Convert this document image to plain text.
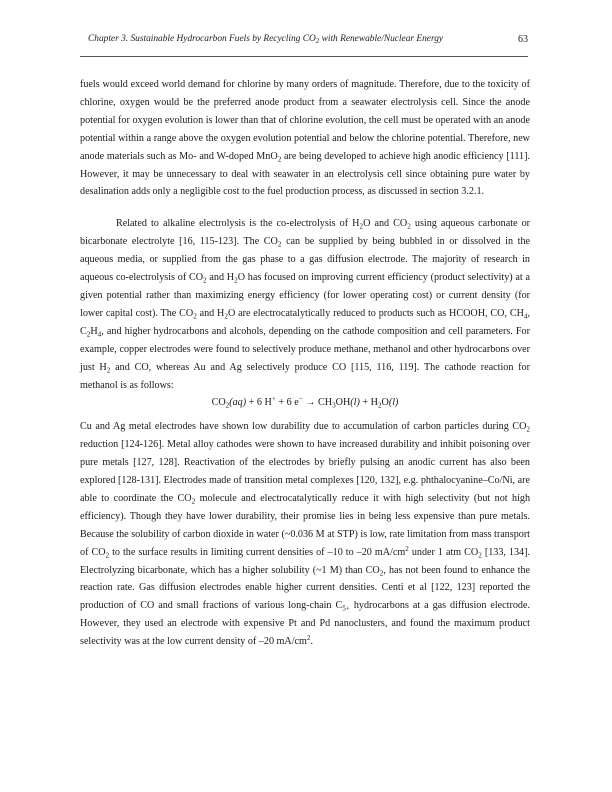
Chapter 3. Sustainable Hydrocarbon Fuels by Recycling $CO_2$ with Renewable/Nuclear Energy	63

fuels would exceed world demand for chlorine by many orders of magnitude. Therefore, due to the toxicity of chlorine, oxygen would be the preferred anode product from a seawater electrolysis cell. Since the anode potential for oxygen evolution is lower than that of chlorine evolution, the cell must be operated with an anode potential within a range above the oxygen evolution potential and below the chlorine potential. Therefore, new anode materials such as Mo- and W-doped MnO$_2$ are being developed to achieve high anodic efficiency [111]. However, it may be unnecessary to deal with seawater in an electrolysis cell since obtaining pure water by desalination adds only a negligible cost to the fuel production process, as discussed in section 3.2.1.

Related to alkaline electrolysis is the co-electrolysis of $H_2O$ and $CO_2$ using aqueous carbonate or bicarbonate electrolyte [16, 115-123]. The $CO_2$ can be supplied by being bubbled in or dissolved in the aqueous media, or supplied from the gas phase to a gas diffusion electrode. The majority of research in aqueous co-electrolysis of $CO_2$ and $H_2O$ has focused on improving current efficiency (product selectivity) at a given potential rather than maximizing energy efficiency (for lower operating cost) or current density (for lower capital cost). The $CO_2$ and $H_2O$ are electrocatalytically reduced to products such as HCOOH, CO, $CH_4$, $C_2H_4$, and higher hydrocarbons and alcohols, depending on the cathode composition and cell parameters. For example, copper electrodes were found to selectively produce methane, methanol and other hydrocarbons over just $H_2$ and CO, whereas Au and Ag selectively produce CO [115, 116, 119]. The cathode reaction for methanol is as follows:

$CO_2(aq) + 6$ H+ + 6 $e^- \to CH_3OH(l) + H_2O(l)$

Cu and Ag metal electrodes have shown low durability due to accumulation of carbon particles during $CO_2$ reduction [124-126]. Metal alloy cathodes were shown to have increased durability and inhibit poisoning over pure metals [127, 128]. Reactivation of the electrodes by briefly pulsing an anodic current has also been explored [128-131]. Electrodes made of transition metal complexes [120, 132], e.g. phthalocyanine–Co/Ni, are able to coordinate the $CO_2$ molecule and electrocatalytically reduce it with high selectivity (but not high efficiency). Though they have lower durability, their promise lies in being less expensive than pure metals. Because the solubility of carbon dioxide in water (~0.036 M at STP) is low, rate limitation from mass transport of $CO_2$ to the surface results in limiting current densities of –10 to –20 $mA/cm^2$ under 1 atm $CO_2$ [133, 134]. Electrolyzing bicarbonate, which has a higher solubility (~1 M) than $CO_2$, has not been found to enhance the reaction rate. Gas diffusion electrodes enable higher current densities. Centi et al [122, 123] reported the production of CO and small fractions of various long-chain $C_{5+}$ hydrocarbons at a gas diffusion electrode. However, they used an electrode with expensive Pt and Pd nanoclusters, and found the maximum product selectivity was at the low current density of –20 $mA/cm^2$.
